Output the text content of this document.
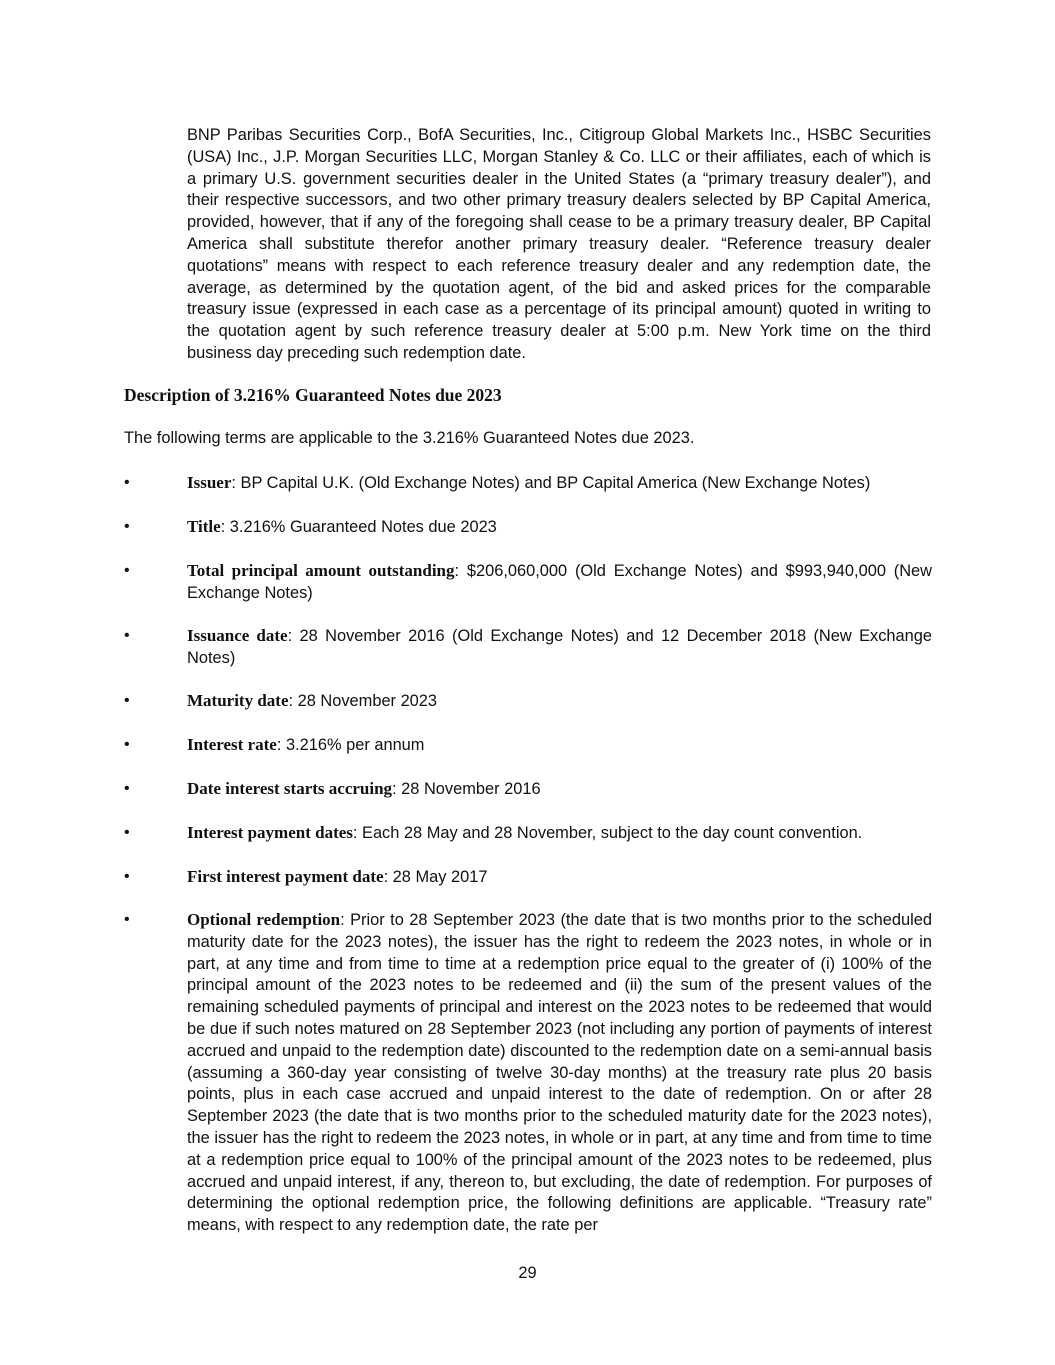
BNP Paribas Securities Corp., BofA Securities, Inc., Citigroup Global Markets Inc., HSBC Securities (USA) Inc., J.P. Morgan Securities LLC, Morgan Stanley & Co. LLC or their affiliates, each of which is a primary U.S. government securities dealer in the United States (a “primary treasury dealer”), and their respective successors, and two other primary treasury dealers selected by BP Capital America, provided, however, that if any of the foregoing shall cease to be a primary treasury dealer, BP Capital America shall substitute therefor another primary treasury dealer. “Reference treasury dealer quotations” means with respect to each reference treasury dealer and any redemption date, the average, as determined by the quotation agent, of the bid and asked prices for the comparable treasury issue (expressed in each case as a percentage of its principal amount) quoted in writing to the quotation agent by such reference treasury dealer at 5:00 p.m. New York time on the third business day preceding such redemption date.

Description of 3.216% Guaranteed Notes due 2023

The following terms are applicable to the 3.216% Guaranteed Notes due 2023.

•	Issuer: BP Capital U.K. (Old Exchange Notes) and BP Capital America (New Exchange Notes)
•	Title: 3.216% Guaranteed Notes due 2023
•	Total principal amount outstanding: $206,060,000 (Old Exchange Notes) and $993,940,000 (New Exchange Notes)
•	Issuance date: 28 November 2016 (Old Exchange Notes) and 12 December 2018 (New Exchange Notes)
•	Maturity date: 28 November 2023
•	Interest rate: 3.216% per annum
•	Date interest starts accruing: 28 November 2016
•	Interest payment dates: Each 28 May and 28 November, subject to the day count convention.
•	First interest payment date: 28 May 2017
•	Optional redemption: Prior to 28 September 2023 (the date that is two months prior to the scheduled maturity date for the 2023 notes), the issuer has the right to redeem the 2023 notes, in whole or in part, at any time and from time to time at a redemption price equal to the greater of (i) 100% of the principal amount of the 2023 notes to be redeemed and (ii) the sum of the present values of the remaining scheduled payments of principal and interest on the 2023 notes to be redeemed that would be due if such notes matured on 28 September 2023 (not including any portion of payments of interest accrued and unpaid to the redemption date) discounted to the redemption date on a semi-annual basis (assuming a 360-day year consisting of twelve 30-day months) at the treasury rate plus 20 basis points, plus in each case accrued and unpaid interest to the date of redemption. On or after 28 September 2023 (the date that is two months prior to the scheduled maturity date for the 2023 notes), the issuer has the right to redeem the 2023 notes, in whole or in part, at any time and from time to time at a redemption price equal to 100% of the principal amount of the 2023 notes to be redeemed, plus accrued and unpaid interest, if any, thereon to, but excluding, the date of redemption. For purposes of determining the optional redemption price, the following definitions are applicable. “Treasury rate” means, with respect to any redemption date, the rate per
29
